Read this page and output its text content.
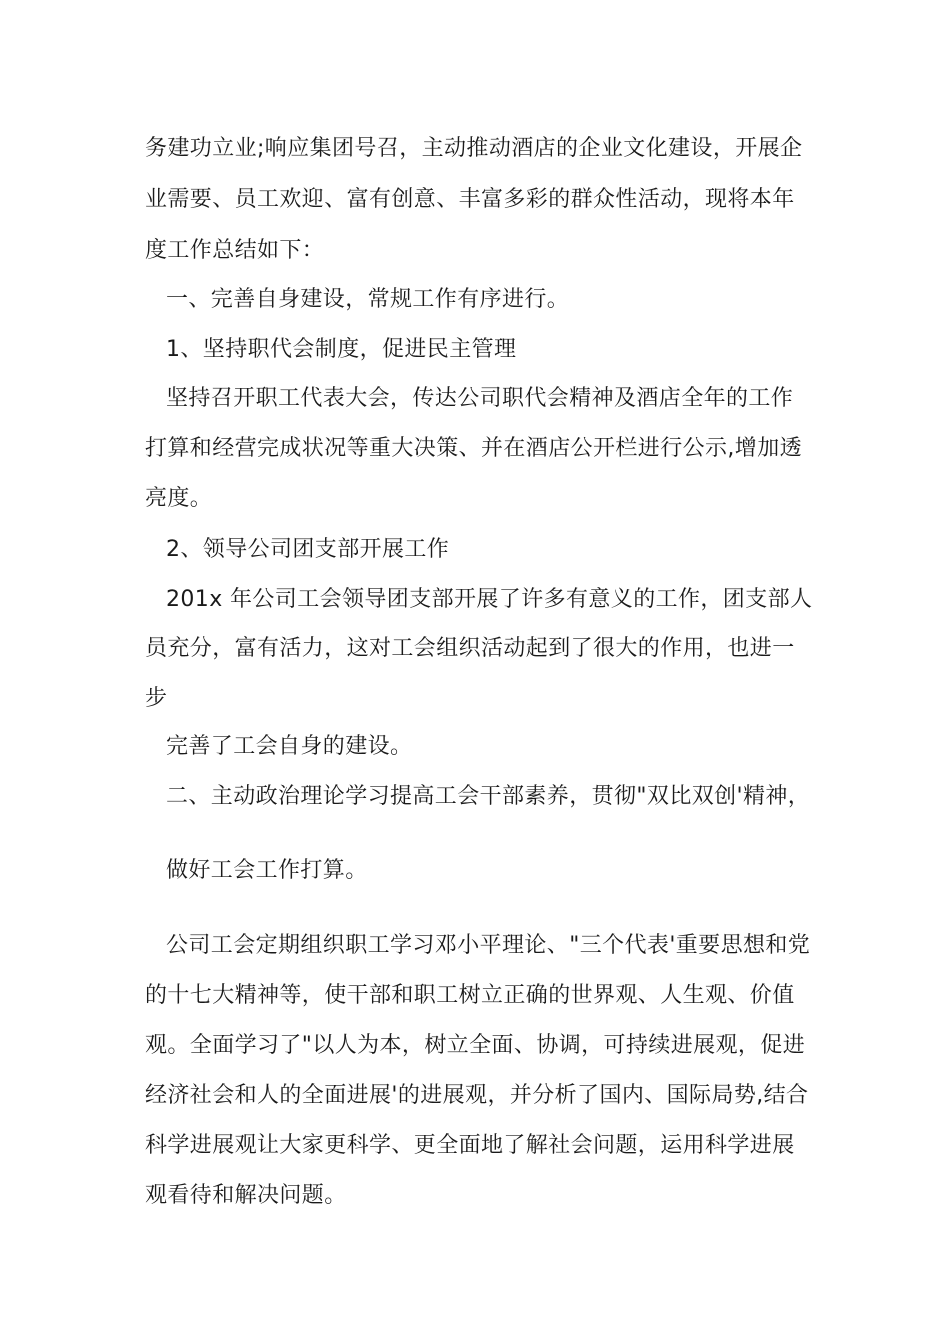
务建功立业;响应集团号召，主动推动酒店的企业文化建设，开展企
业需要、员工欢迎、富有创意、丰富多彩的群众性活动，现将本年
度工作总结如下：
一、完善自身建设，常规工作有序进行。
1、坚持职代会制度，促进民主管理
坚持召开职工代表大会，传达公司职代会精神及酒店全年的工作
打算和经营完成状况等重大决策、并在酒店公开栏进行公示,增加透
亮度。
2、领导公司团支部开展工作
201x 年公司工会领导团支部开展了许多有意义的工作，团支部人
员充分，富有活力，这对工会组织活动起到了很大的作用，也进一
步
完善了工会自身的建设。
二、主动政治理论学习提高工会干部素养，贯彻"双比双创'精神，
做好工会工作打算。
公司工会定期组织职工学习邓小平理论、"三个代表'重要思想和党
的十七大精神等，使干部和职工树立正确的世界观、人生观、价值
观。全面学习了"以人为本，树立全面、协调，可持续进展观，促进
经济社会和人的全面进展'的进展观，并分析了国内、国际局势,结合
科学进展观让大家更科学、更全面地了解社会问题，运用科学进展
观看待和解决问题。
